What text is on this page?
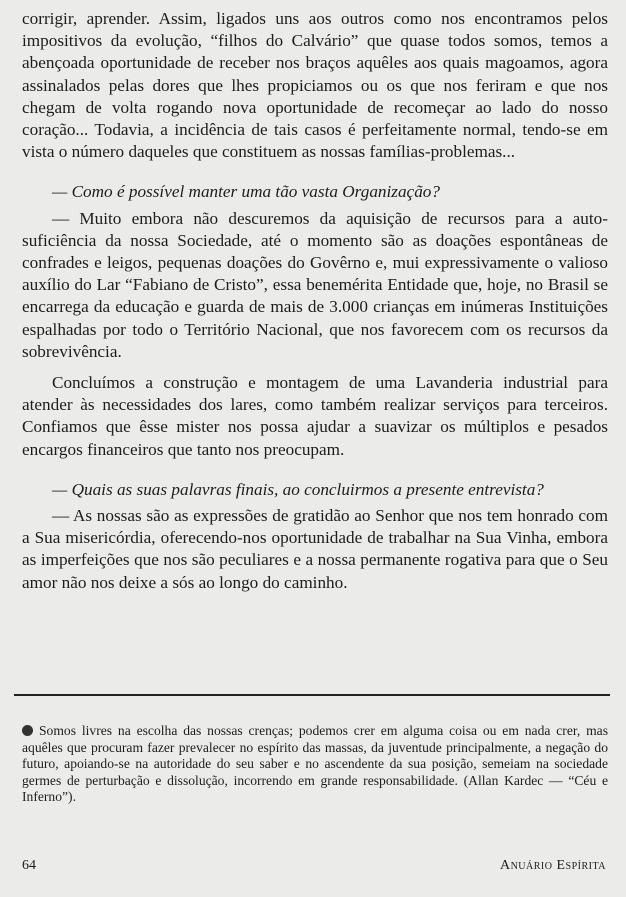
corrigir, aprender. Assim, ligados uns aos outros como nos encontramos pelos impositivos da evolução, “filhos do Calvário” que quase todos somos, temos a abençoada oportunidade de receber nos braços aquêles aos quais magoamos, agora assinalados pelas dores que lhes propiciamos ou os que nos feriram e que nos chegam de volta rogando nova oportunidade de recomeçar ao lado do nosso coração... Todavia, a incidência de tais casos é perfeitamente normal, tendo-se em vista o número daqueles que constituem as nossas famílias-problemas...

— Como é possível manter uma tão vasta Organização?

— Muito embora não descuremos da aquisição de recursos para a auto-suficiência da nossa Sociedade, até o momento são as doações espontâneas de confrades e leigos, pequenas doações do Govêrno e, mui expressivamente o valioso auxílio do Lar “Fabiano de Cristo”, essa benemérita Entidade que, hoje, no Brasil se encarrega da educação e guarda de mais de 3.000 crianças em inúmeras Instituições espalhadas por todo o Território Nacional, que nos favorecem com os recursos da sobrevivência.

Concluímos a construção e montagem de uma Lavanderia industrial para atender às necessidades dos lares, como também realizar serviços para terceiros. Confiamos que êsse mister nos possa ajudar a suavizar os múltiplos e pesados encargos financeiros que tanto nos preocupam.

— Quais as suas palavras finais, ao concluirmos a presente entrevista?

— As nossas são as expressões de gratidão ao Senhor que nos tem honrado com a Sua misericórdia, oferecendo-nos oportunidade de trabalhar na Sua Vinha, embora as imperfeições que nos são peculiares e a nossa permanente rogativa para que o Seu amor não nos deixe a sós ao longo do caminho.

Somos livres na escolha das nossas crenças; podemos crer em alguma coisa ou em nada crer, mas aquêles que procuram fazer prevalecer no espírito das massas, da juventude principalmente, a negação do futuro, apoiando-se na autoridade do seu saber e no ascendente da sua posição, semeiam na sociedade germes de perturbação e dissolução, incorrendo em grande responsabilidade. (Allan Kardec — “Céu e Inferno”).
64	Anuário Espírita
